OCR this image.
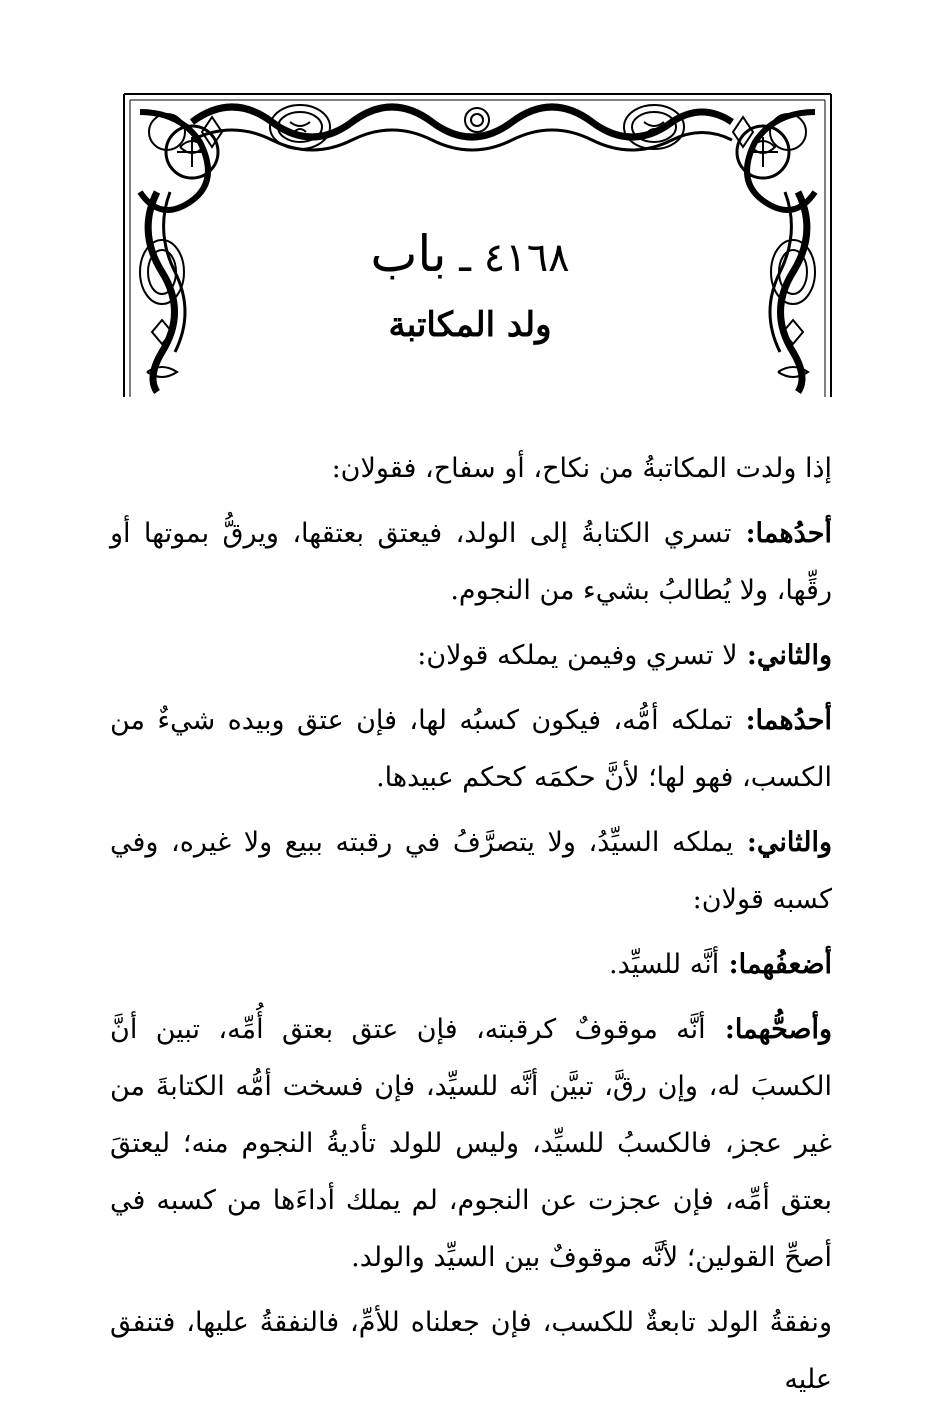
٤١٦٨ ـ باب
ولد المكاتبة

إذا ولدت المكاتبةُ من نكاح، أو سفاح، فقولان:

أحدُهما: تسري الكتابةُ إلى الولد، فيعتق بعتقها، ويرقُّ بموتها أو رقِّها، ولا يُطالبُ بشيء من النجوم.

والثاني: لا تسري وفيمن يملكه قولان:

أحدُهما: تملكه أمُّه، فيكون كسبُه لها، فإن عتق وبيده شيءٌ من الكسب، فهو لها؛ لأنَّ حكمَه كحكم عبيدها.

والثاني: يملكه السيِّدُ، ولا يتصرَّفُ في رقبته ببيع ولا غيره، وفي كسبه قولان:

أضعفُهما: أنَّه للسيِّد.

وأصحُّهما: أنَّه موقوفٌ كرقبته، فإن عتق بعتق أُمِّه، تبين أنَّ الكسبَ له، وإن رقَّ، تبيَّن أنَّه للسيِّد، فإن فسخت أمُّه الكتابةَ من غير عجز، فالكسبُ للسيِّد، وليس للولد تأديةُ النجوم منه؛ ليعتقَ بعتق أمِّه، فإن عجزت عن النجوم، لم يملك أداءَها من كسبه في أصحِّ القولين؛ لأنَّه موقوفٌ بين السيِّد والولد.

ونفقةُ الولد تابعةٌ للكسب، فإن جعلناه للأمِّ، فالنفقةُ عليها، فتنفق عليه
